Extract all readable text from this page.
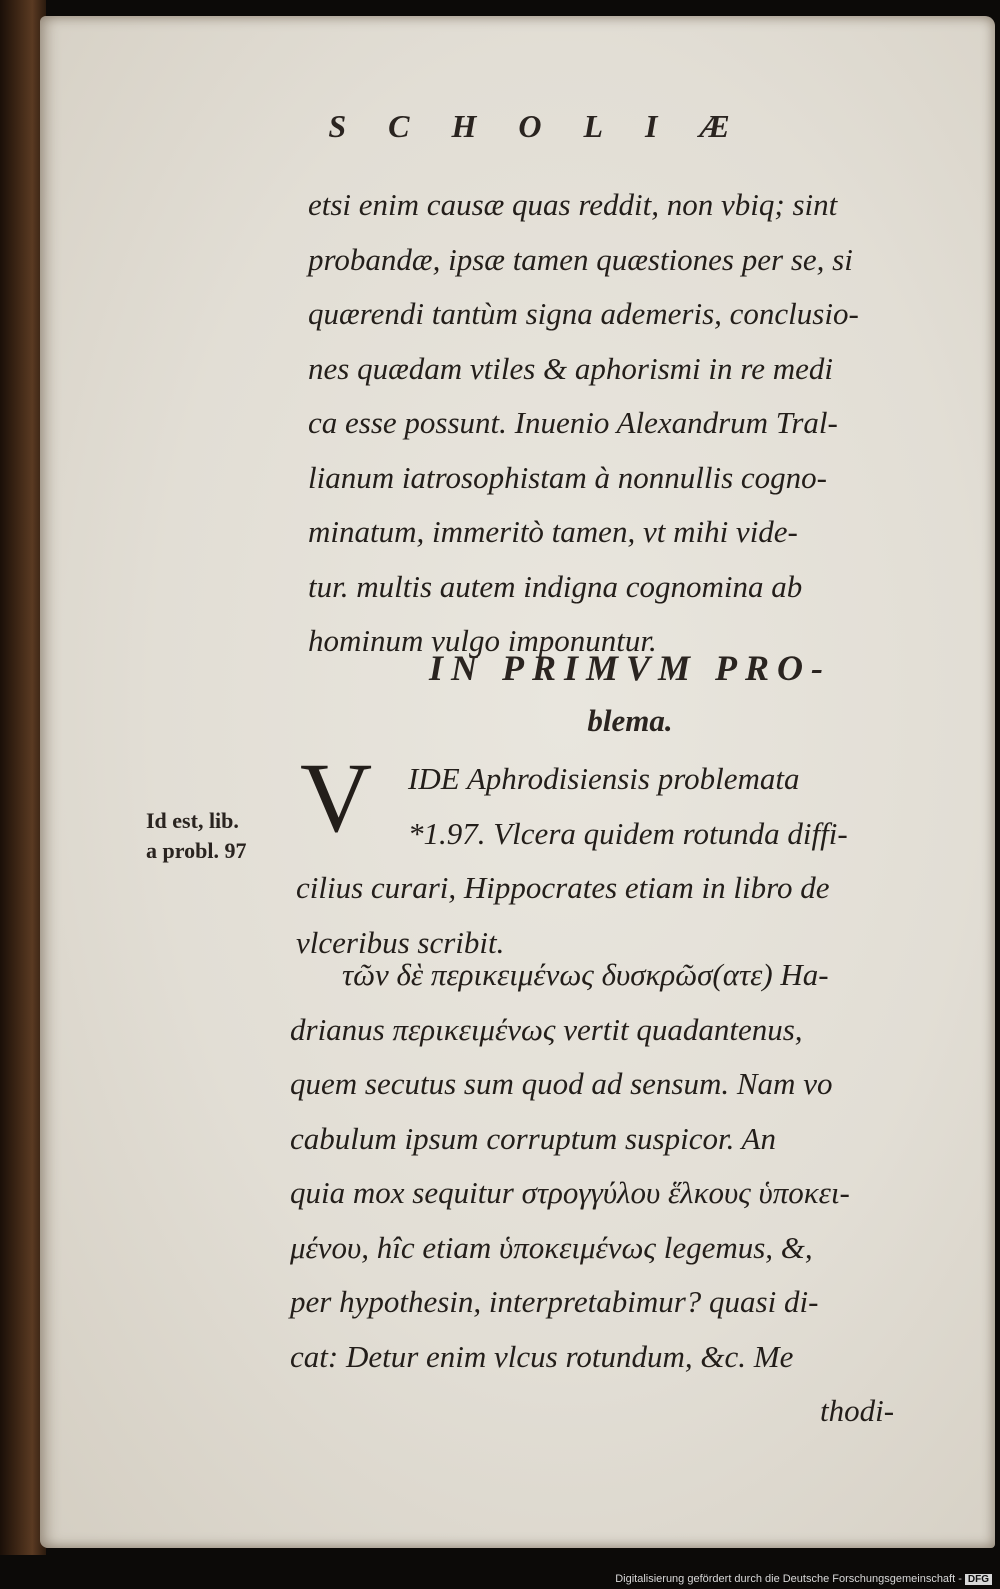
SCHOLIÆ
etsi enim causæ quas reddit, non vbiq; sint
probandæ, ipsæ tamen quæstiones per se, si
quærendi tantùm signa ademeris, conclusio-
nes quædam vtiles & aphorismi in re medi
ca esse possunt. Inuenio Alexandrum Tral-
lianum iatrosophistam à nonnullis cogno-
minatum, immeritò tamen, vt mihi vide-
tur. multis autem indigna cognomina ab
hominum vulgo imponuntur.
IN PRIMVM PRO-
blema.
V
Id est, lib.
a probl. 97
IDE Aphrodisiensis problemata
*1.97. Vlcera quidem rotunda diffi-
cilius curari, Hippocrates etiam in libro de
vlceribus scribit.
τῶν δὲ περικειμένως δυσκρῶσ(ατε) Ha-
drianus περικειμένως vertit quadantenus,
quem secutus sum quod ad sensum. Nam vo
cabulum ipsum corruptum suspicor. An
quia mox sequitur στρογγύλου ἕλκους ὑποκει-
μένου, hîc etiam ὑποκειμένως legemus, &,
per hypothesin, interpretabimur? quasi di-
cat: Detur enim vlcus rotundum, &c. Me
thodi-
Digitalisierung gefördert durch die Deutsche Forschungsgemeinschaft - DFG
